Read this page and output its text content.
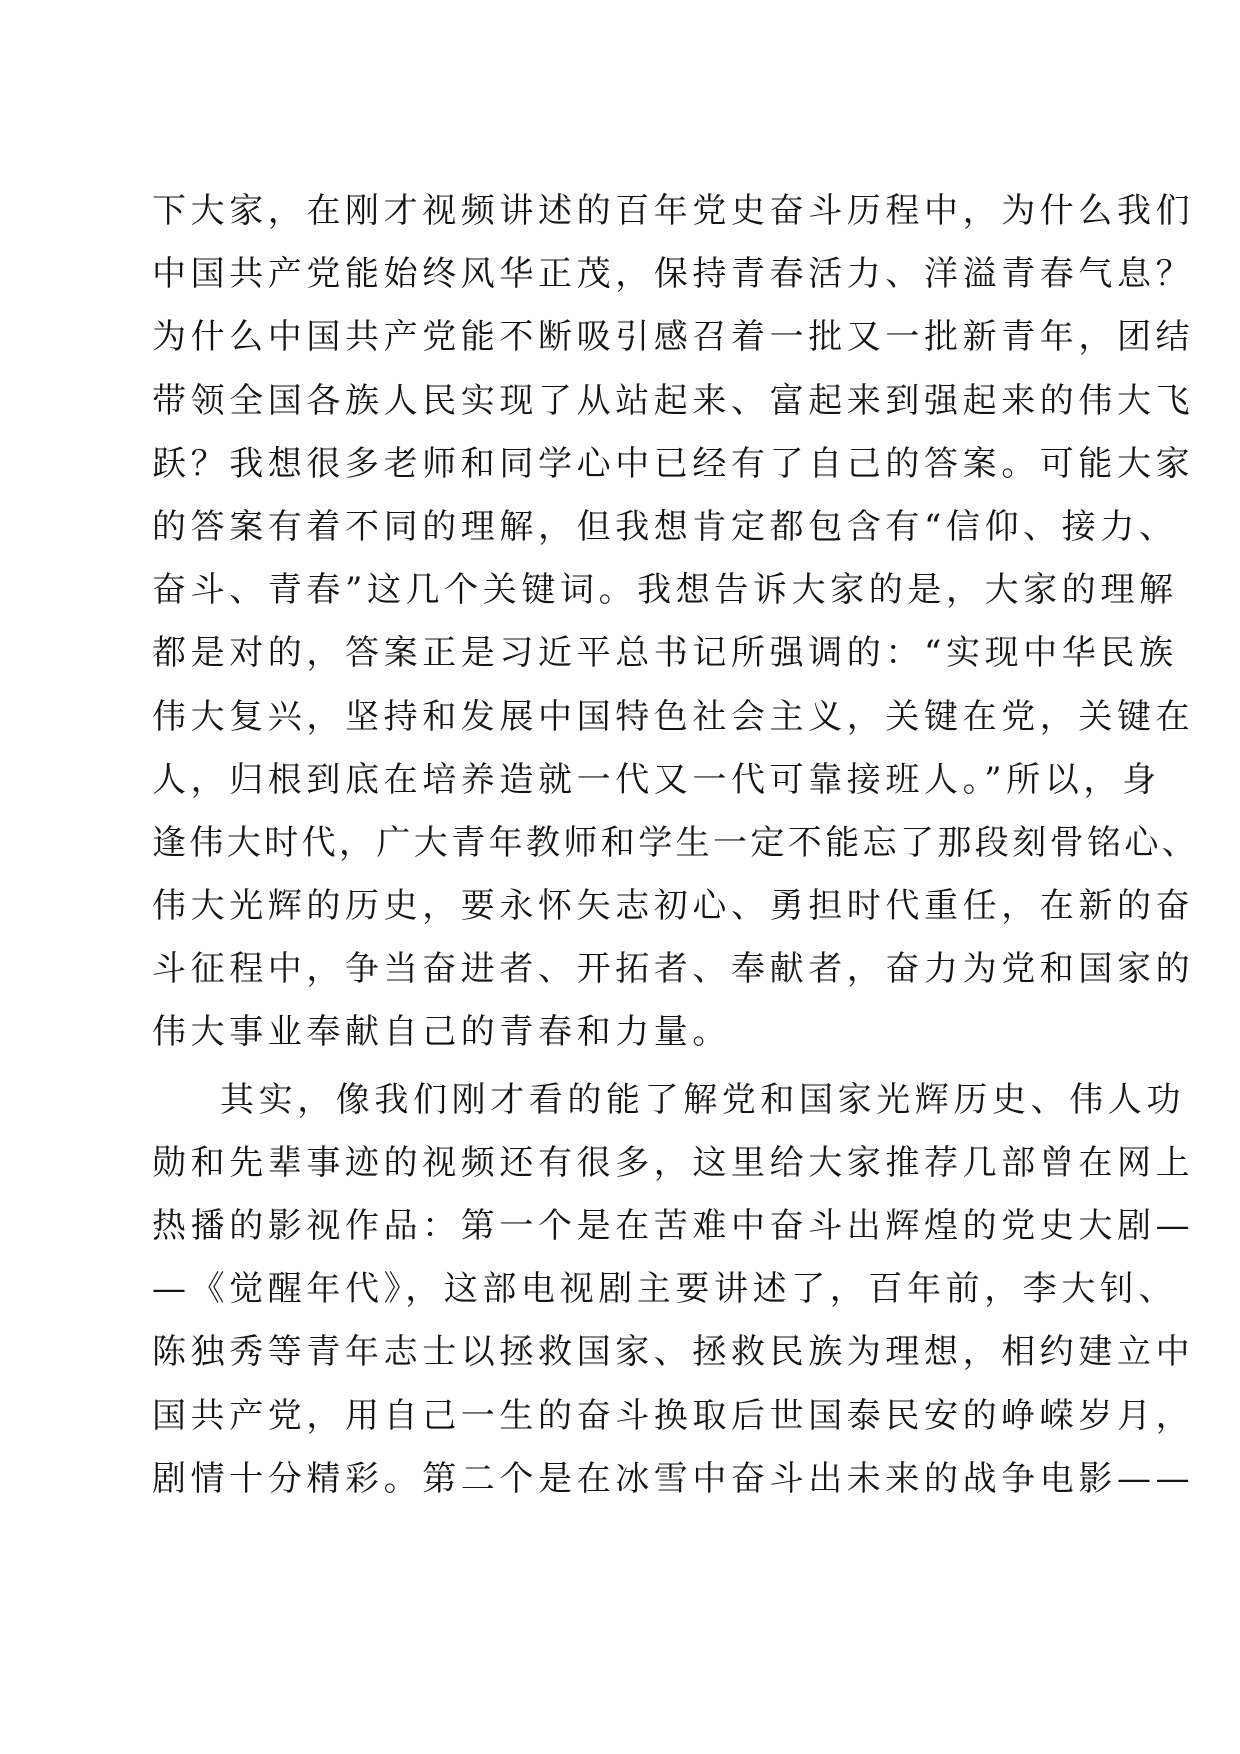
下大家，在刚才视频讲述的百年党史奋斗历程中，为什么我们
中国共产党能始终风华正茂，保持青春活力、洋溢青春气息？
为什么中国共产党能不断吸引感召着一批又一批新青年，团结
带领全国各族人民实现了从站起来、富起来到强起来的伟大飞
跃？我想很多老师和同学心中已经有了自己的答案。可能大家
的答案有着不同的理解，但我想肯定都包含有“信仰、接力、
奋斗、青春”这几个关键词。我想告诉大家的是，大家的理解
都是对的，答案正是习近平总书记所强调的：“实现中华民族
伟大复兴，坚持和发展中国特色社会主义，关键在党，关键在
人，归根到底在培养造就一代又一代可靠接班人。”所以，身
逢伟大时代，广大青年教师和学生一定不能忘了那段刻骨铭心、
伟大光辉的历史，要永怀矢志初心、勇担时代重任，在新的奋
斗征程中，争当奋进者、开拓者、奉献者，奋力为党和国家的
伟大事业奉献自己的青春和力量。
其实，像我们刚才看的能了解党和国家光辉历史、伟人功
勋和先辈事迹的视频还有很多，这里给大家推荐几部曾在网上
热播的影视作品：第一个是在苦难中奋斗出辉煌的党史大剧—
—《觉醒年代》，这部电视剧主要讲述了，百年前，李大钊、
陈独秀等青年志士以拯救国家、拯救民族为理想，相约建立中
国共产党，用自己一生的奋斗换取后世国泰民安的峥嵘岁月，
剧情十分精彩。第二个是在冰雪中奋斗出未来的战争电影——
